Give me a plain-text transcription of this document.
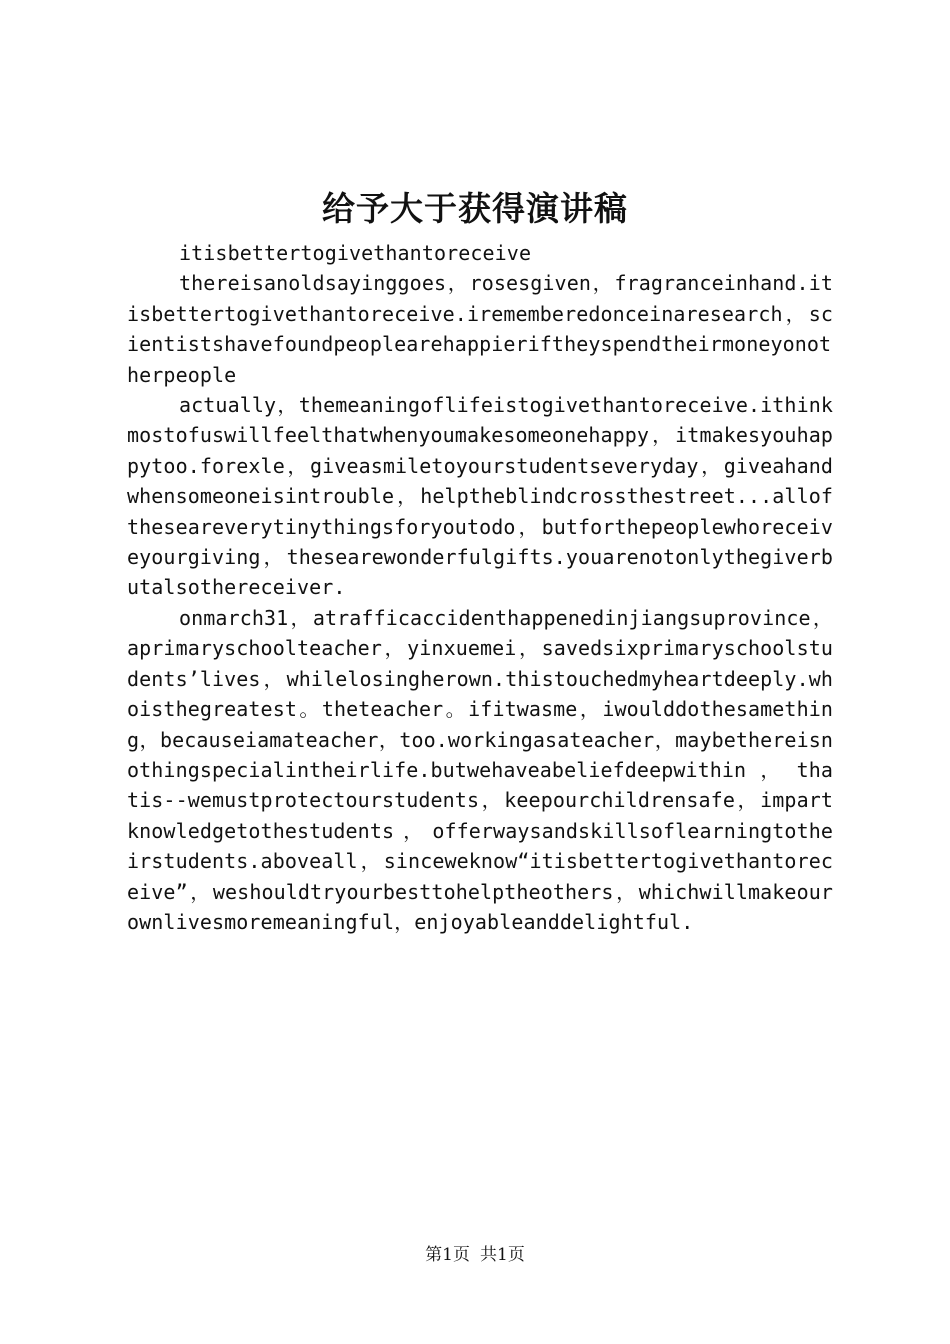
给予大于获得演讲稿

itisbettertogivethantoreceive

thereisanoldsayinggoes，rosesgiven，fragranceinhand.itisbettertogivethantoreceive.irememberedonceinaresearch，scientistshavefoundpeoplearehappieriftheyspendtheirmoneyonotherpeople

actually，themeaningoflifeistogivethantoreceive.ithinkmostofuswillfeelthatwhenyoumakesomeonehappy，itmakesyouhappytoo.forexle，giveasmiletoyourstudentseveryday，giveahandwhensomeoneisintrouble，helptheblindcrossthestreet...alloftheseareverytinythingsforyoutodo，butforthepeoplewhoreceiveyourgiving，thesearewonderfulgifts.youarenotonlythegiverbutalsothereceiver.

onmarch31，atrafficaccidenthappenedinjiangsuprovince，aprimaryschoolteacher，yinxuemei，savedsixprimaryschoolstudents’lives，whilelosingherown.thistouchedmyheartdeeply.whoisthegreatest。theteacher。ifitwasme，iwoulddothesamething，becauseiamateacher，too.workingasateacher，maybethereisnothingspecialintheirlife.butwehaveabeliefdeepwithin ， thatis--wemustprotectourstudents，keepourchildrensafe，impartknowledgetothestudents，offerwaysandskillsoflearningtothe irstudents.aboveall，sinceweknow“itisbettertogivethantoreceive”，weshouldtryourbesttohelptheothers，whichwillmakeourownlivesmoremeaningful，enjoyableanddelightful.

第1页 共1页
